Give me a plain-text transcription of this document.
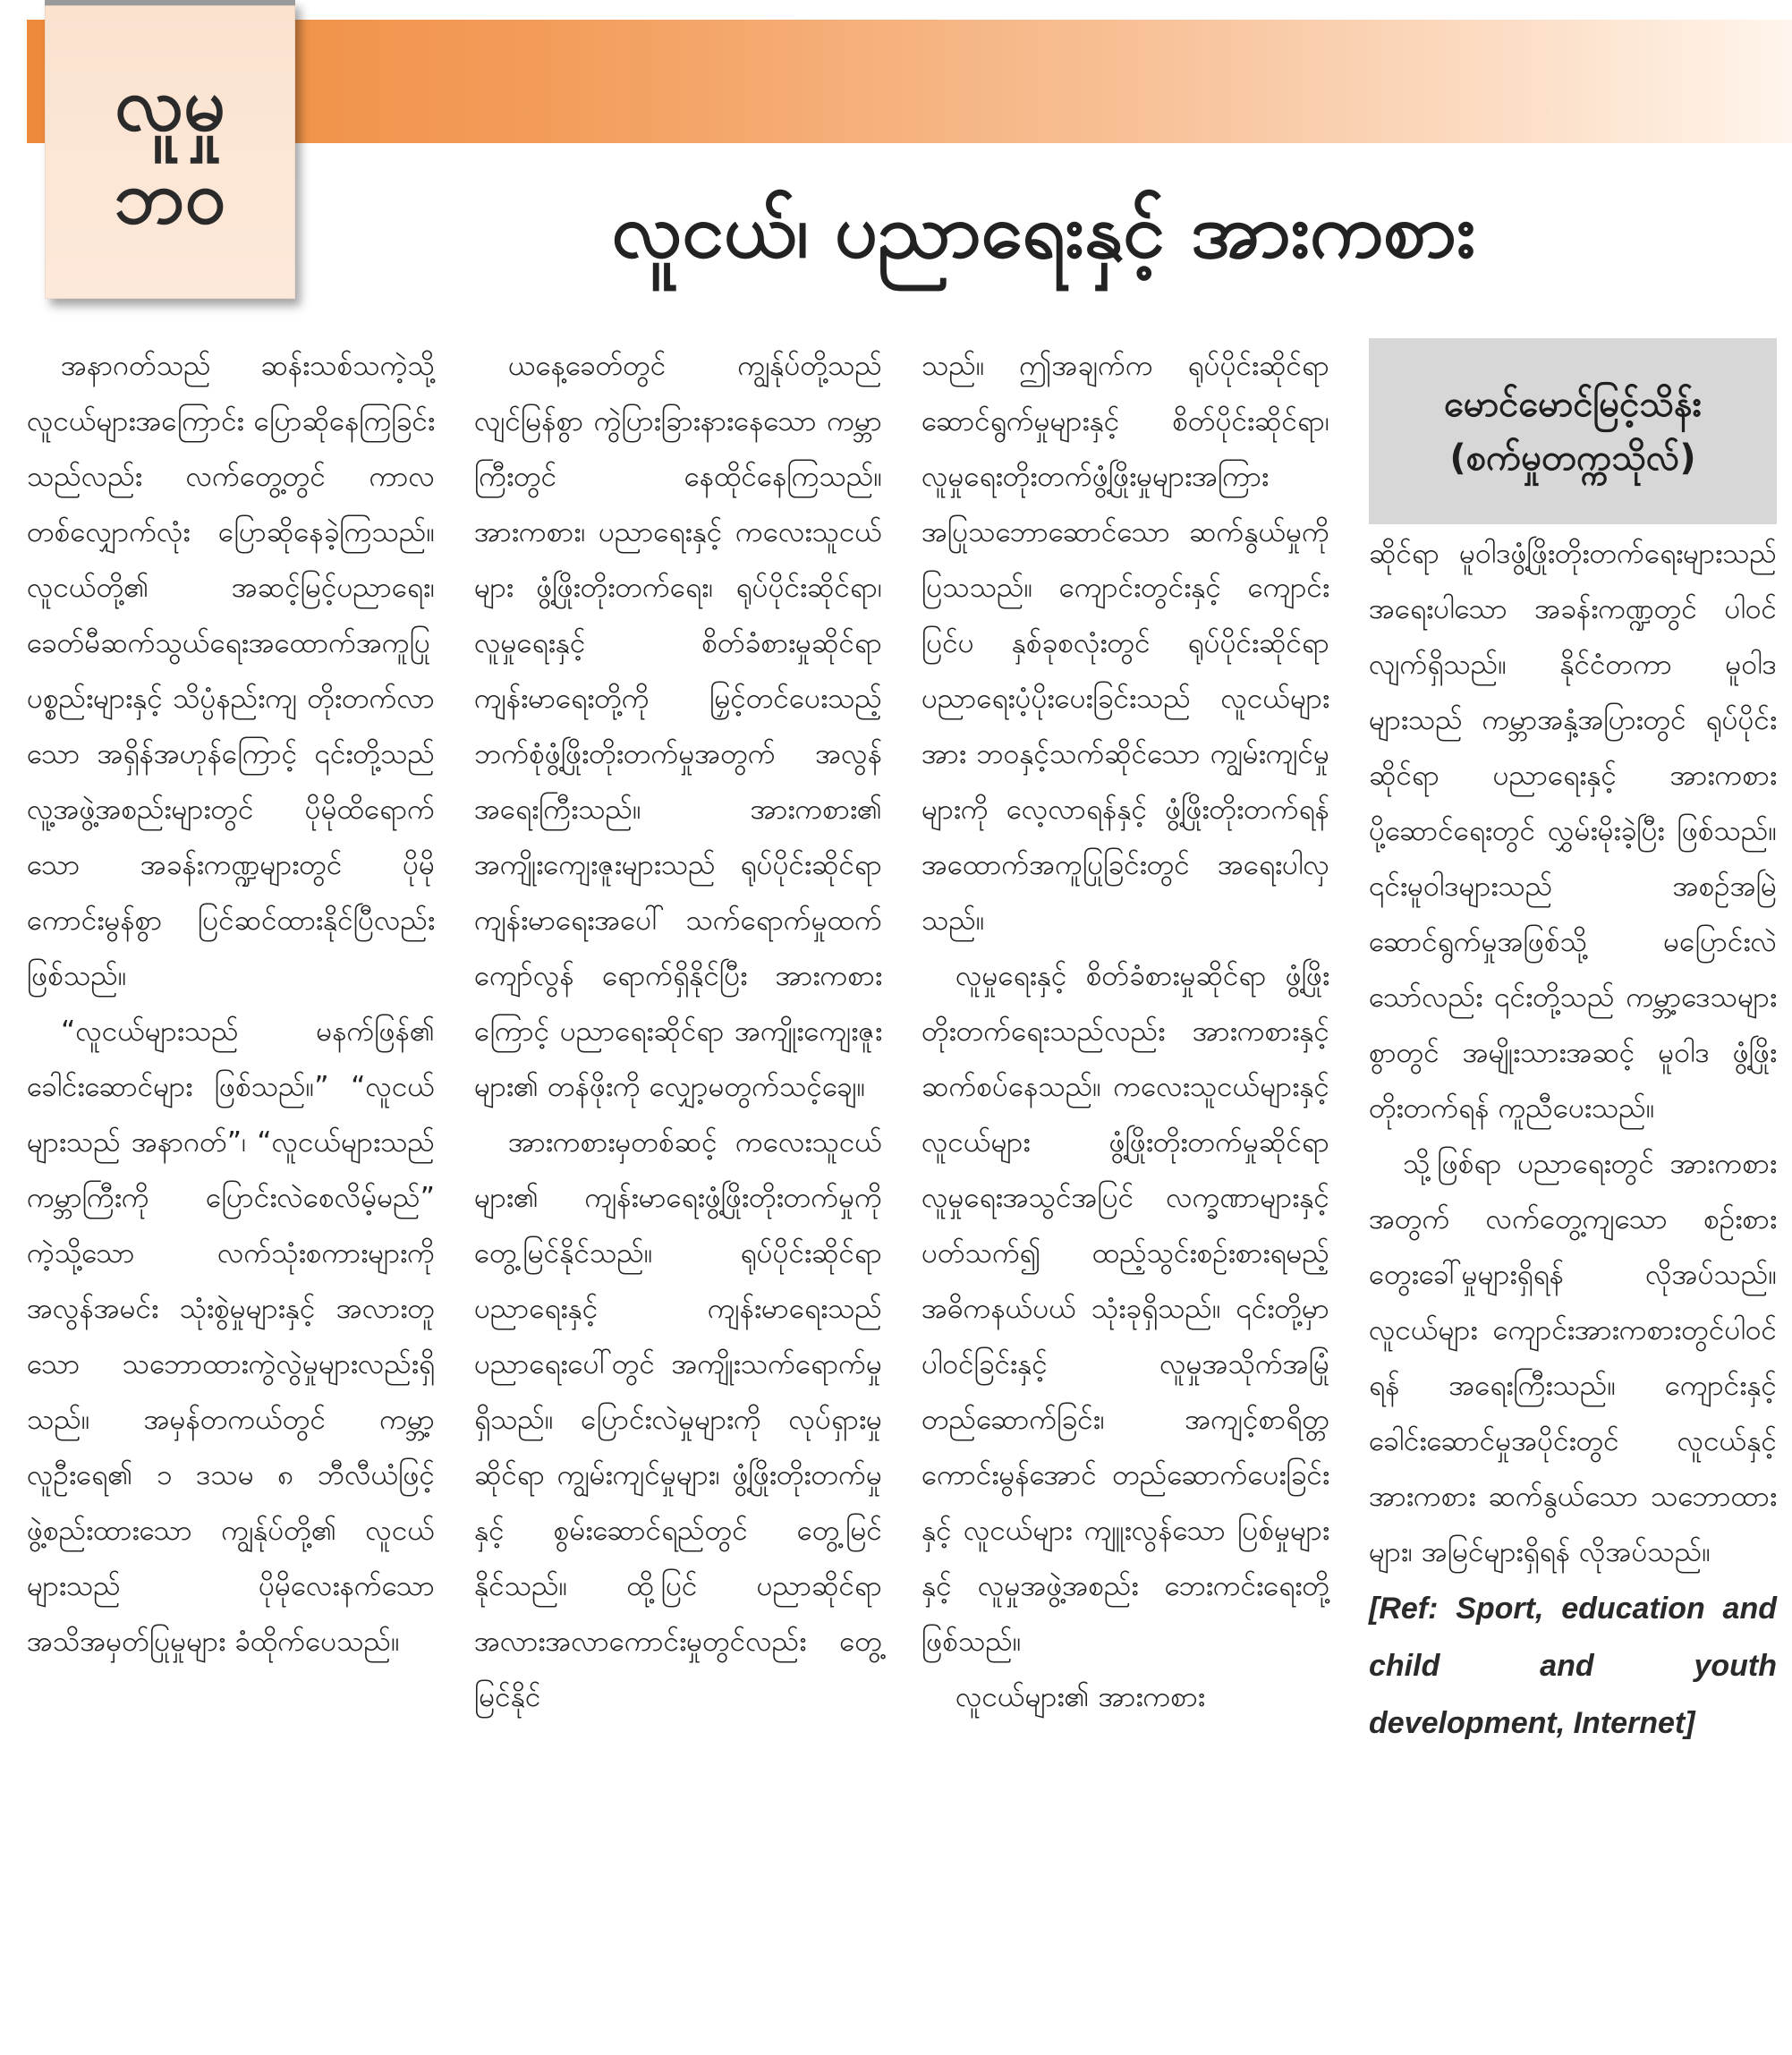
လူမှု
ဘဝ	လူငယ်၊ ပညာရေးနှင့် အားကစား

အနာဂတ်သည် ဆန်းသစ်သကဲ့သို့ လူငယ်များအကြောင်း ပြောဆိုနေကြခြင်းသည်လည်း လက်တွေ့တွင် ကာလတစ်လျှောက်လုံး ပြောဆိုနေခဲ့ကြသည်။ လူငယ်တို့၏ အဆင့်မြင့်ပညာရေး၊ ခေတ်မီဆက်သွယ်ရေးအထောက်အကူပြုပစ္စည်းများနှင့် သိပ္ပံနည်းကျ တိုးတက်လာသော အရှိန်အဟုန်ကြောင့် ၎င်းတို့သည် လူ့အဖွဲ့အစည်းများတွင် ပိုမိုထိရောက်သော အခန်းကဏ္ဍများတွင် ပိုမိုကောင်းမွန်စွာ ပြင်ဆင်ထားနိုင်ပြီလည်းဖြစ်သည်။

“လူငယ်များသည် မနက်ဖြန်၏ ခေါင်းဆောင်များ ဖြစ်သည်။” “လူငယ်များသည် အနာဂတ်”၊ “လူငယ်များသည် ကမ္ဘာကြီးကို ပြောင်းလဲစေလိမ့်မည်” ကဲ့သို့သော လက်သုံးစကားများကို အလွန်အမင်း သုံးစွဲမှုများနှင့် အလားတူသော သဘောထားကွဲလွဲမှုများလည်းရှိသည်။ အမှန်တကယ်တွင် ကမ္ဘာ့လူဦးရေ၏ ၁ ဒသမ ၈ ဘီလီယံဖြင့် ဖွဲ့စည်းထားသော ကျွန်ုပ်တို့၏ လူငယ်များသည် ပိုမိုလေးနက်သော အသိအမှတ်ပြုမှုများ ခံထိုက်ပေသည်။

ယနေ့ခေတ်တွင် ကျွန်ုပ်တို့သည် လျင်မြန်စွာ ကွဲပြားခြားနားနေသော ကမ္ဘာကြီးတွင် နေထိုင်နေကြသည်။ အားကစား၊ ပညာရေးနှင့် ကလေးသူငယ်များ ဖွံ့ဖြိုးတိုးတက်ရေး၊ ရုပ်ပိုင်းဆိုင်ရာ၊ လူမှုရေးနှင့် စိတ်ခံစားမှုဆိုင်ရာ ကျန်းမာရေးတို့ကို မြှင့်တင်ပေးသည့် ဘက်စုံဖွံ့ဖြိုးတိုးတက်မှုအတွက် အလွန်အရေးကြီးသည်။ အားကစား၏ အကျိုးကျေးဇူးများသည် ရုပ်ပိုင်းဆိုင်ရာ ကျန်းမာရေးအပေါ် သက်ရောက်မှုထက် ကျော်လွန် ရောက်ရှိနိုင်ပြီး အားကစားကြောင့် ပညာရေးဆိုင်ရာ အကျိုးကျေးဇူးများ၏ တန်ဖိုးကို လျှော့မတွက်သင့်ချေ။

အားကစားမှတစ်ဆင့် ကလေးသူငယ်များ၏ ကျန်းမာရေးဖွံ့ဖြိုးတိုးတက်မှုကို တွေ့မြင်နိုင်သည်။ ရုပ်ပိုင်းဆိုင်ရာ ပညာရေးနှင့် ကျန်းမာရေးသည် ပညာရေးပေါ်တွင် အကျိုးသက်ရောက်မှုရှိသည်။ ပြောင်းလဲမှုများကို လုပ်ရှားမှုဆိုင်ရာ ကျွမ်းကျင်မှုများ၊ ဖွံ့ဖြိုးတိုးတက်မှုနှင့် စွမ်းဆောင်ရည်တွင် တွေ့မြင်နိုင်သည်။ ထို့ပြင် ပညာဆိုင်ရာ အလားအလာကောင်းမှုတွင်လည်း တွေ့မြင်နိုင်

သည်။ ဤအချက်က ရုပ်ပိုင်းဆိုင်ရာ ဆောင်ရွက်မှုများနှင့် စိတ်ပိုင်းဆိုင်ရာ၊ လူမှုရေးတိုးတက်ဖွံ့ဖြိုးမှုများအကြား အပြုသဘောဆောင်သော ဆက်နွယ်မှုကို ပြသသည်။ ကျောင်းတွင်းနှင့် ကျောင်းပြင်ပ နှစ်ခုစလုံးတွင် ရုပ်ပိုင်းဆိုင်ရာ ပညာရေးပံ့ပိုးပေးခြင်းသည် လူငယ်များအား ဘဝနှင့်သက်ဆိုင်သော ကျွမ်းကျင်မှုများကို လေ့လာရန်နှင့် ဖွံ့ဖြိုးတိုးတက်ရန် အထောက်အကူပြုခြင်းတွင် အရေးပါလှသည်။

လူမှုရေးနှင့် စိတ်ခံစားမှုဆိုင်ရာ ဖွံ့ဖြိုးတိုးတက်ရေးသည်လည်း အားကစားနှင့် ဆက်စပ်နေသည်။ ကလေးသူငယ်များနှင့် လူငယ်များ ဖွံ့ဖြိုးတိုးတက်မှုဆိုင်ရာ လူမှုရေးအသွင်အပြင် လက္ခဏာများနှင့် ပတ်သက်၍ ထည့်သွင်းစဉ်းစားရမည့် အဓိကနယ်ပယ် သုံးခုရှိသည်။ ၎င်းတို့မှာ ပါဝင်ခြင်းနှင့် လူမှုအသိုက်အမြုံ တည်ဆောက်ခြင်း၊ အကျင့်စာရိတ္တကောင်းမွန်အောင် တည်ဆောက်ပေးခြင်းနှင့် လူငယ်များ ကျူးလွန်သော ပြစ်မှုများနှင့် လူမှုအဖွဲ့အစည်း ဘေးကင်းရေးတို့ ဖြစ်သည်။

လူငယ်များ၏ အားကစား

မောင်မောင်မြင့်သိန်း
(စက်မှုတက္ကသိုလ်)

ဆိုင်ရာ မူဝါဒဖွံ့ဖြိုးတိုးတက်ရေးများသည် အရေးပါသော အခန်းကဏ္ဍတွင် ပါဝင်လျက်ရှိသည်။ နိုင်ငံတကာ မူဝါဒများသည် ကမ္ဘာအနှံ့အပြားတွင် ရုပ်ပိုင်းဆိုင်ရာ ပညာရေးနှင့် အားကစား ပို့ဆောင်ရေးတွင် လွှမ်းမိုးခဲ့ပြီး ဖြစ်သည်။ ၎င်းမူဝါဒများသည် အစဉ်အမြဲ ဆောင်ရွက်မှုအဖြစ်သို့ မပြောင်းလဲသော်လည်း ၎င်းတို့သည် ကမ္ဘာ့ဒေသများစွာတွင် အမျိုးသားအဆင့် မူဝါဒ ဖွံ့ဖြိုးတိုးတက်ရန် ကူညီပေးသည်။

သို့ဖြစ်ရာ ပညာရေးတွင် အားကစားအတွက် လက်တွေ့ကျသော စဉ်းစားတွေးခေါ်မှုများရှိရန် လိုအပ်သည်။ လူငယ်များ ကျောင်းအားကစားတွင်ပါဝင်ရန် အရေးကြီးသည်။ ကျောင်းနှင့် ခေါင်းဆောင်မှုအပိုင်းတွင် လူငယ်နှင့် အားကစား ဆက်နွယ်သော သဘောထားများ၊ အမြင်များရှိရန် လိုအပ်သည်။

[Ref: Sport, education and child and youth development, Internet]
